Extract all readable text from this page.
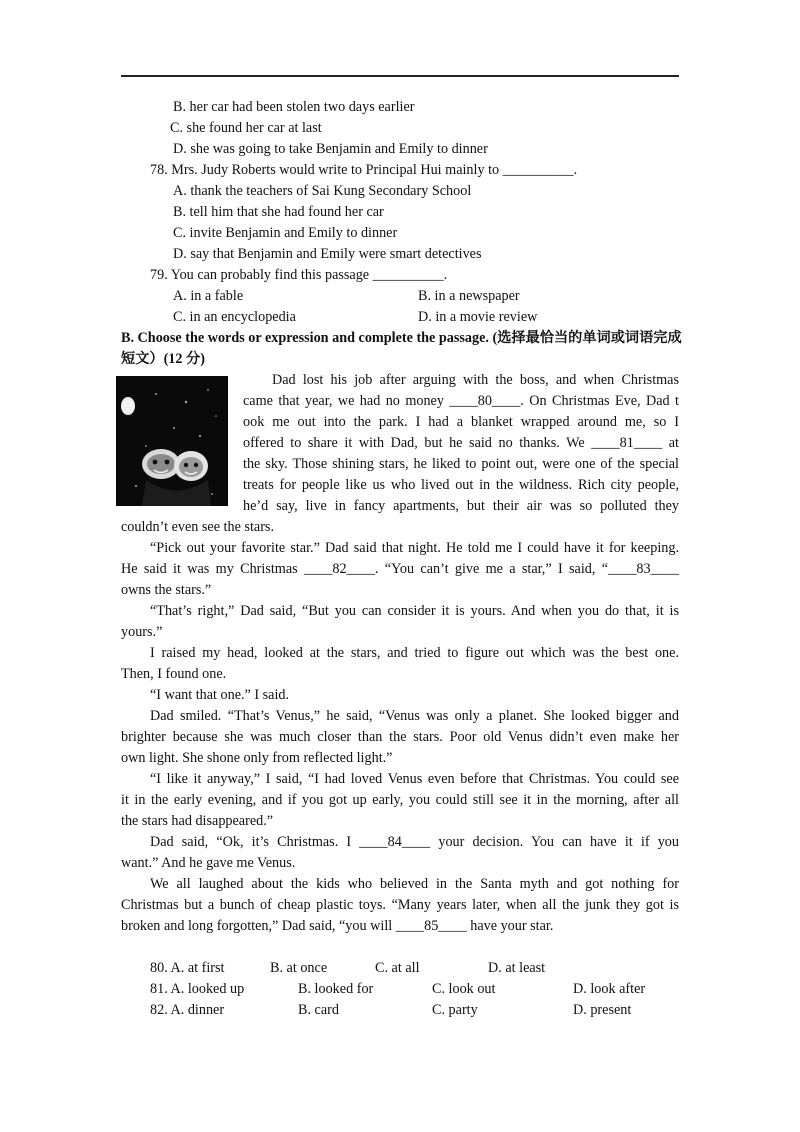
B. her car had been stolen two days earlier
C. she found her car at last
D. she was going to take Benjamin and Emily to dinner
78. Mrs. Judy Roberts would write to Principal Hui mainly to __________.
A. thank the teachers of Sai Kung Secondary School
B. tell him that she had found her car
C. invite Benjamin and Emily to dinner
D. say that Benjamin and Emily were smart detectives
79. You can probably find this passage __________.
A. in a fable	B. in a newspaper
C. in an encyclopedia	D. in a movie review
B. Choose the words or expression and complete the passage. (选择最恰当的单词或词语完成
短文）(12 分)
Dad lost his job after arguing with the boss, and when Christmas
came that year, we had no money ____80____. On Christmas Eve, Dad t
ook me out into the park. I had a blanket wrapped around me, so I
offered to share it with Dad, but he said no thanks. We ____81____ at
the sky. Those shining stars, he liked to point out, were one of the special
treats for people like us who lived out in the wildness. Rich city people,
he’d say, live in fancy apartments, but their air was so polluted they
couldn’t even see the stars.
“Pick out your favorite star.” Dad said that night. He told me I could have it for keeping.
He said it was my Christmas ____82____. “You can’t give me a star,” I said, “____83____
owns the stars.”
“That’s right,” Dad said, “But you can consider it is yours. And when you do that, it is
yours.”
I raised my head, looked at the stars, and tried to figure out which was the best one.
Then, I found one.
“I want that one.” I said.
Dad smiled. “That’s Venus,” he said, “Venus was only a planet. She looked bigger and
brighter because she was much closer than the stars. Poor old Venus didn’t even make her
own light. She shone only from reflected light.”
“I like it anyway,” I said, “I had loved Venus even before that Christmas. You could see
it in the early evening, and if you got up early, you could still see it in the morning, after all
the stars had disappeared.”
Dad said, “Ok, it’s Christmas. I ____84____ your decision. You can have it if you
want.” And he gave me Venus.
We all laughed about the kids who believed in the Santa myth and got nothing for
Christmas but a bunch of cheap plastic toys. “Many years later, when all the junk they got is
broken and long forgotten,” Dad said, “you will ____85____ have your star.
80. A. at first	B. at once	C. at all	D. at least
81. A. looked up	B. looked for	C. look out	D. look after
82. A. dinner	B. card	C. party	D. present
